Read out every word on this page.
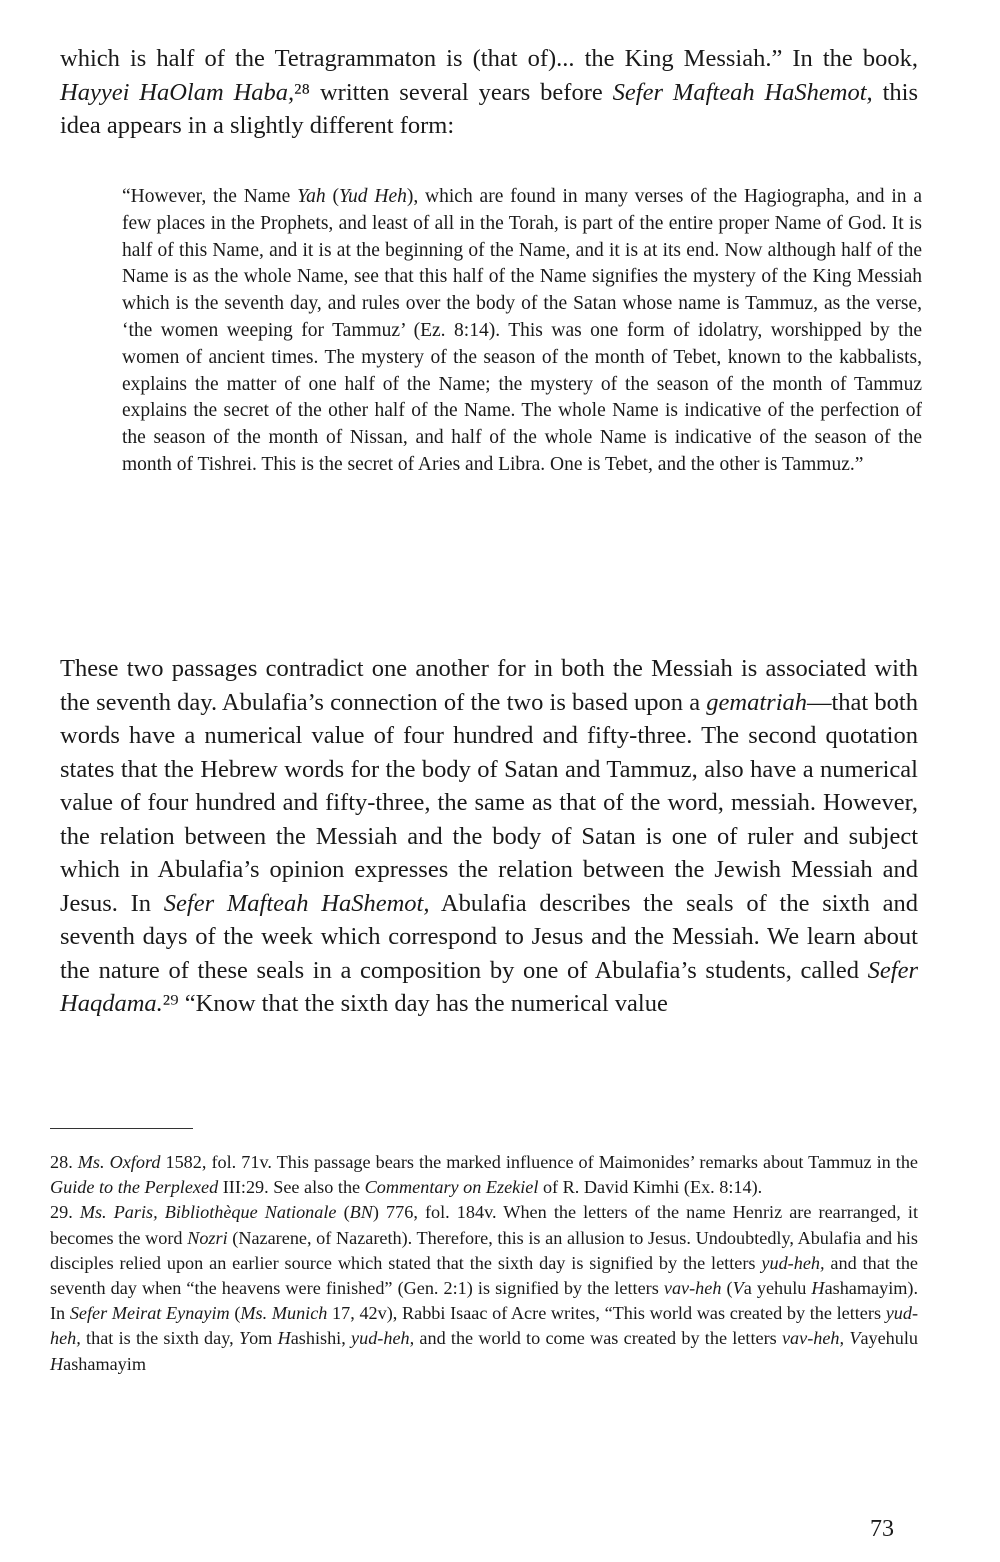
which is half of the Tetragrammaton is (that of)... the King Messiah.” In the book, Hayyei HaOlam Haba,²⁸ written several years before Sefer Mafteah HaShemot, this idea appears in a slightly different form:

“However, the Name Yah (Yud Heh), which are found in many verses of the Hagiographa, and in a few places in the Prophets, and least of all in the Torah, is part of the entire proper Name of God. It is half of this Name, and it is at the beginning of the Name, and it is at its end. Now although half of the Name is as the whole Name, see that this half of the Name signifies the mystery of the King Messiah which is the seventh day, and rules over the body of the Satan whose name is Tammuz, as the verse, ‘the women weeping for Tammuz’ (Ez. 8:14). This was one form of idolatry, worshipped by the women of ancient times. The mystery of the season of the month of Tebet, known to the kabbalists, explains the matter of one half of the Name; the mystery of the season of the month of Tammuz explains the secret of the other half of the Name. The whole Name is indicative of the perfection of the season of the month of Nissan, and half of the whole Name is indicative of the season of the month of Tishrei. This is the secret of Aries and Libra. One is Tebet, and the other is Tammuz.”

These two passages contradict one another for in both the Messiah is associated with the seventh day. Abulafia’s connection of the two is based upon a gematriah—that both words have a numerical value of four hundred and fifty-three. The second quotation states that the Hebrew words for the body of Satan and Tammuz, also have a numerical value of four hundred and fifty-three, the same as that of the word, messiah. However, the relation between the Messiah and the body of Satan is one of ruler and subject which in Abulafia’s opinion expresses the relation between the Jewish Messiah and Jesus. In Sefer Mafteah HaShemot, Abulafia describes the seals of the sixth and seventh days of the week which correspond to Jesus and the Messiah. We learn about the nature of these seals in a composition by one of Abulafia’s students, called Sefer Haqdama.²⁹ “Know that the sixth day has the numerical value

28. Ms. Oxford 1582, fol. 71v. This passage bears the marked influence of Maimonides’ remarks about Tammuz in the Guide to the Perplexed III:29. See also the Commentary on Ezekiel of R. David Kimhi (Ex. 8:14).

29. Ms. Paris, Bibliothèque Nationale (BN) 776, fol. 184v. When the letters of the name Henriz are rearranged, it becomes the word Nozri (Nazarene, of Nazareth). Therefore, this is an allusion to Jesus. Undoubtedly, Abulafia and his disciples relied upon an earlier source which stated that the sixth day is signified by the letters yud-heh, and that the seventh day when “the heavens were finished” (Gen. 2:1) is signified by the letters vav-heh (Va yehulu Hashamayim). In Sefer Meirat Eynayim (Ms. Munich 17, 42v), Rabbi Isaac of Acre writes, “This world was created by the letters yud-heh, that is the sixth day, Yom Hashishi, yud-heh, and the world to come was created by the letters vav-heh, Vayehulu Hashamayim

73
